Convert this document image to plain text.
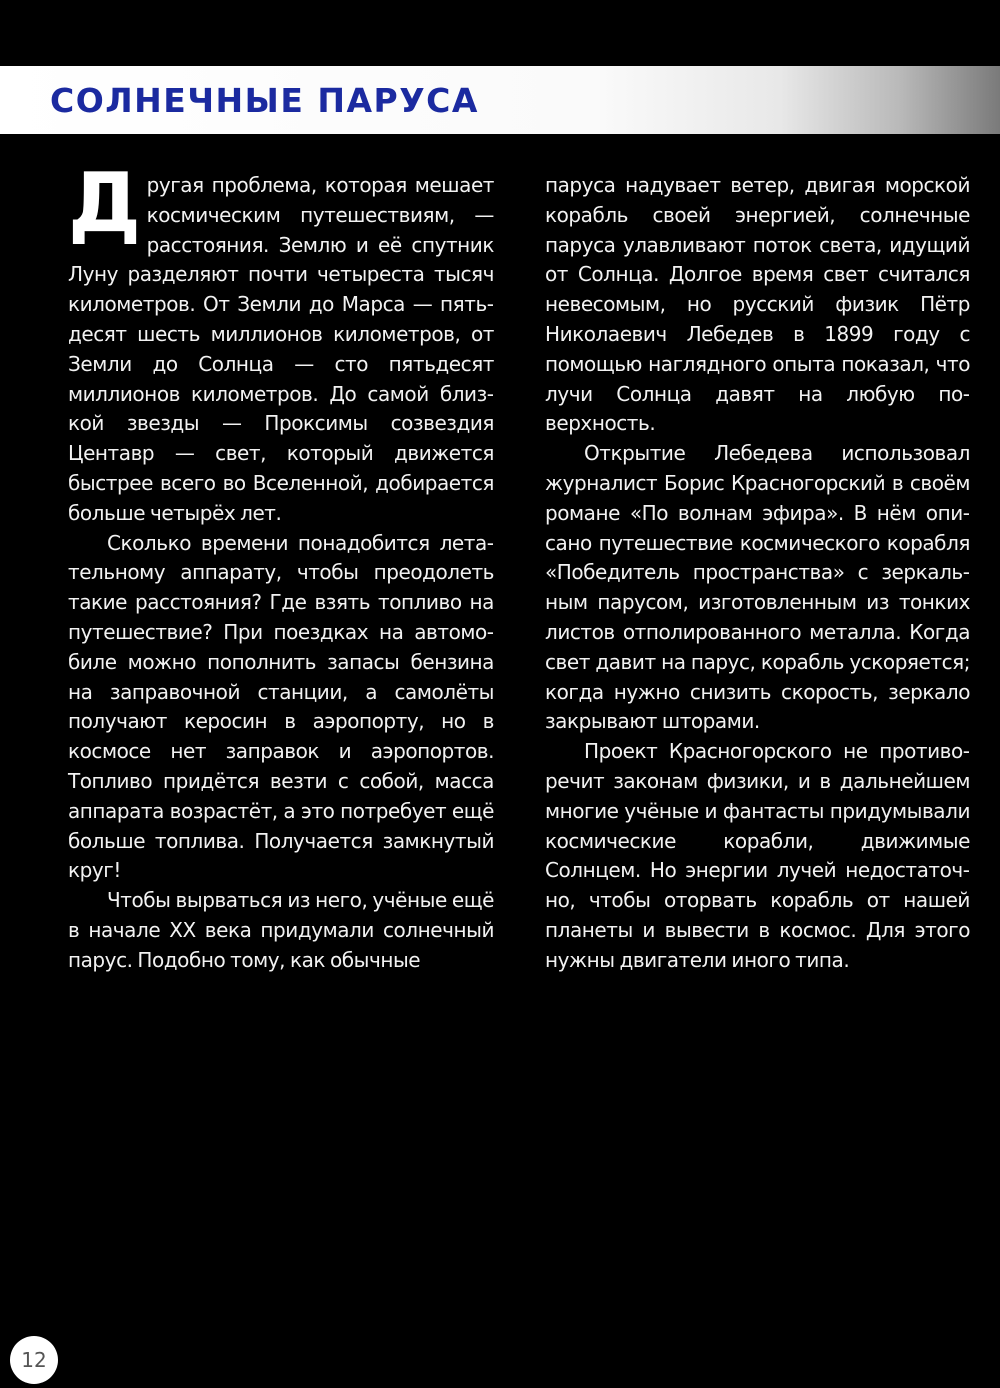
СОЛНЕЧНЫЕ ПАРУСА

Другая проблема, которая мешает космическим путешествиям, — расстояния. Землю и её спутник Луну разделяют почти четыреста тысяч километров. От Земли до Марса — пятьдесят шесть миллионов километров, от Земли до Солнца — сто пятьдесят миллионов километров. До самой близкой звезды — Проксимы созвездия Центавр — свет, который движется быстрее всего во Вселенной, добирается больше четырёх лет.

Сколько времени понадобится летательному аппарату, чтобы преодолеть такие расстояния? Где взять топливо на путешествие? При поездках на автомобиле можно пополнить запасы бензина на заправочной станции, а самолёты получают керосин в аэропорту, но в космосе нет заправок и аэропортов. Топливо придётся везти с собой, масса аппарата возрастёт, а это потребует ещё больше топлива. Получается замкнутый круг!

Чтобы вырваться из него, учёные ещё в начале XX века придумали солнечный парус. Подобно тому, как обычные

паруса надувает ветер, двигая морской корабль своей энергией, солнечные паруса улавливают поток света, идущий от Солнца. Долгое время свет считался невесомым, но русский физик Пётр Николаевич Лебедев в 1899 году с помощью наглядного опыта показал, что лучи Солнца давят на любую поверхность.

Открытие Лебедева использовал журналист Борис Красногорский в своём романе «По волнам эфира». В нём описано путешествие космического корабля «Победитель пространства» с зеркальным парусом, изготовленным из тонких листов отполированного металла. Когда свет давит на парус, корабль ускоряется; когда нужно снизить скорость, зеркало закрывают шторами.

Проект Красногорского не противоречит законам физики, и в дальнейшем многие учёные и фантасты придумывали космические корабли, движимые Солнцем. Но энергии лучей недостаточно, чтобы оторвать корабль от нашей планеты и вывести в космос. Для этого нужны двигатели иного типа.

12
